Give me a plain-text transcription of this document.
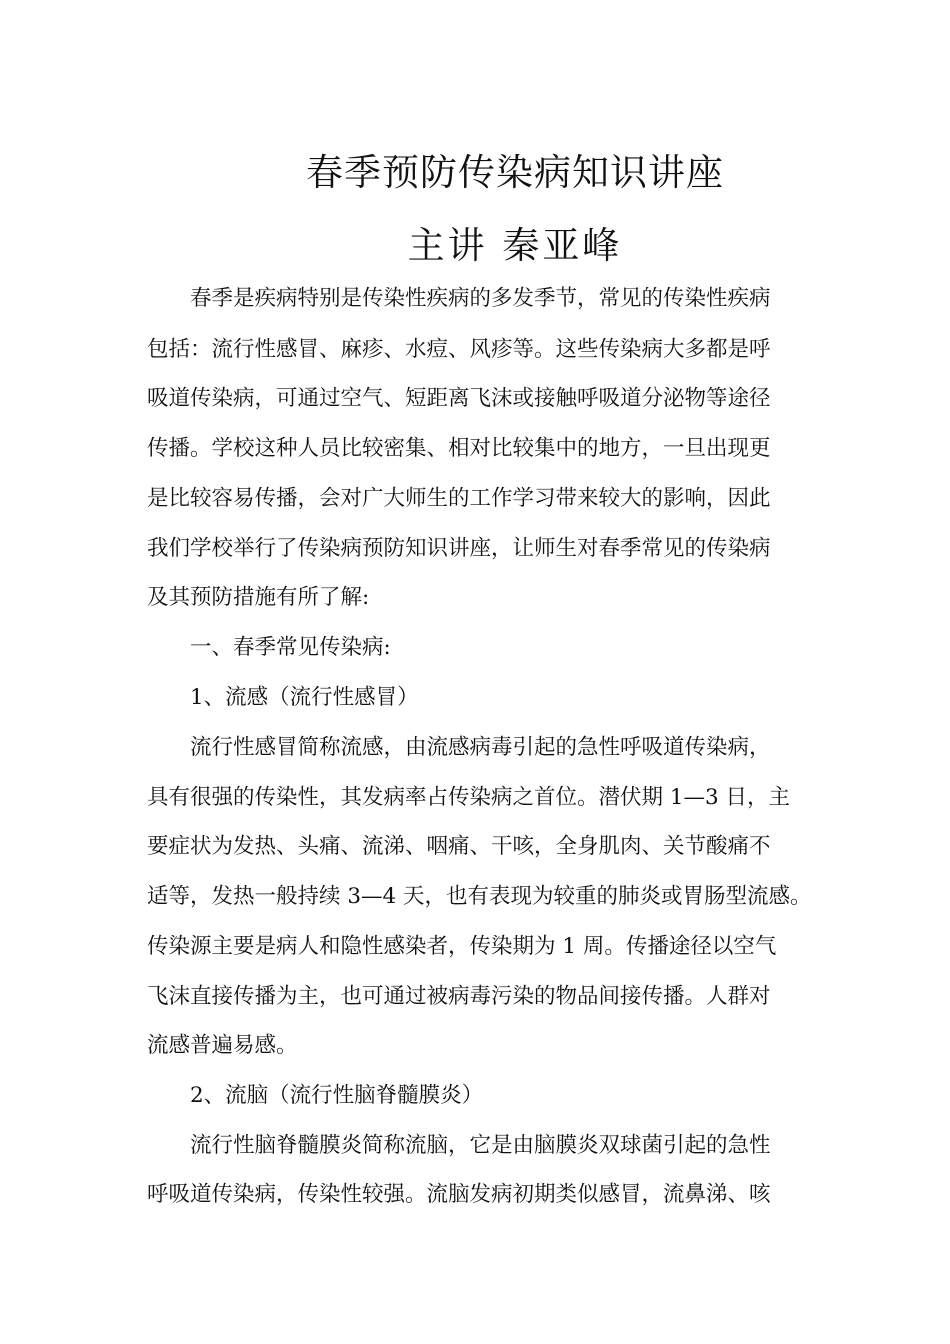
春季预防传染病知识讲座
主讲 秦亚峰

春季是疾病特别是传染性疾病的多发季节，常见的传染性疾病

包括：流行性感冒、麻疹、水痘、风疹等。这些传染病大多都是呼

吸道传染病，可通过空气、短距离飞沫或接触呼吸道分泌物等途径

传播。学校这种人员比较密集、相对比较集中的地方，一旦出现更

是比较容易传播，会对广大师生的工作学习带来较大的影响，因此

我们学校举行了传染病预防知识讲座，让师生对春季常见的传染病

及其预防措施有所了解:

一、春季常见传染病:

1、流感（流行性感冒）

流行性感冒简称流感，由流感病毒引起的急性呼吸道传染病，

具有很强的传染性，其发病率占传染病之首位。潜伏期 1—3 日，主

要症状为发热、头痛、流涕、咽痛、干咳，全身肌肉、关节酸痛不

适等，发热一般持续 3—4 天，也有表现为较重的肺炎或胃肠型流感。

传染源主要是病人和隐性感染者，传染期为 1 周。传播途径以空气

飞沫直接传播为主，也可通过被病毒污染的物品间接传播。人群对

流感普遍易感。

2、流脑（流行性脑脊髓膜炎）

流行性脑脊髓膜炎简称流脑，它是由脑膜炎双球菌引起的急性

呼吸道传染病，传染性较强。流脑发病初期类似感冒，流鼻涕、咳
